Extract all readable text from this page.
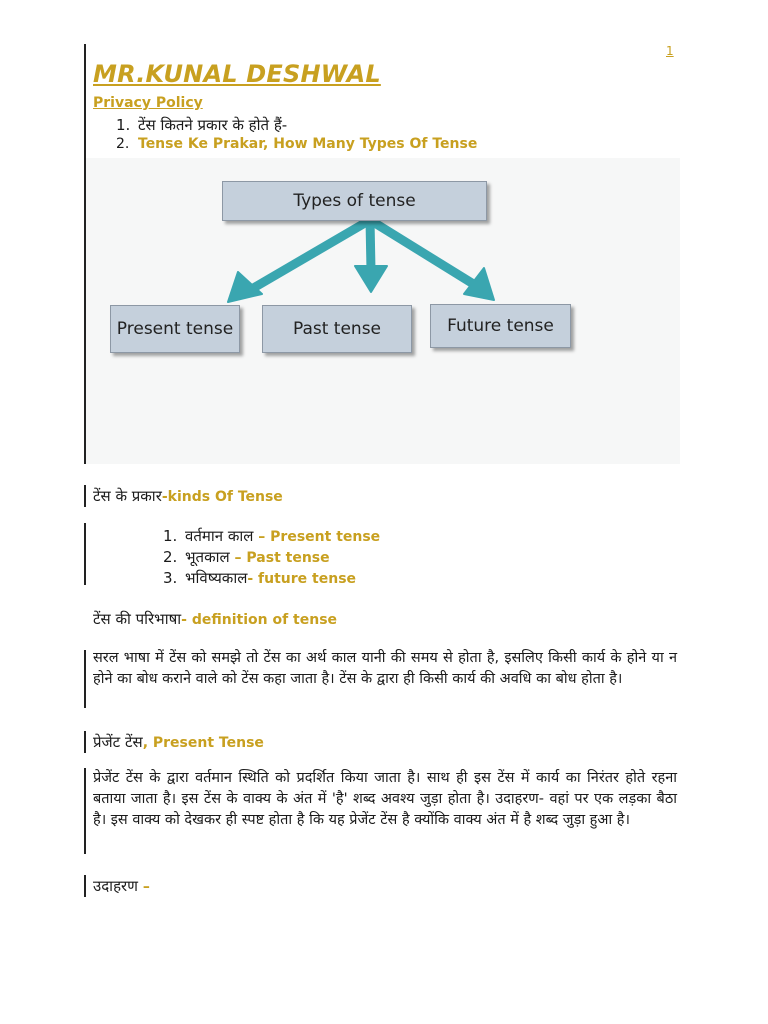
1
MR.KUNAL DESHWAL
Privacy Policy
1. टेंस कितने प्रकार के होते हैं-
2. Tense Ke Prakar, How Many Types Of Tense
Types of tense
Present tense	Past tense	Future tense
टेंस के प्रकार-kinds Of Tense
1. वर्तमान काल – Present tense
2. भूतकाल – Past tense
3. भविष्यकाल- future tense
टेंस की परिभाषा- definition of tense
सरल भाषा में टेंस को समझे तो टेंस का अर्थ काल यानी की समय से होता है, इसलिए किसी कार्य के होने या न होने का बोध कराने वाले को टेंस कहा जाता है। टेंस के द्वारा ही किसी कार्य की अवधि का बोध होता है।
प्रेजेंट टेंस, Present Tense
प्रेजेंट टेंस के द्वारा वर्तमान स्थिति को प्रदर्शित किया जाता है। साथ ही इस टेंस में कार्य का निरंतर होते रहना बताया जाता है। इस टेंस के वाक्य के अंत में 'है' शब्द अवश्य जुड़ा होता है। उदाहरण- वहां पर एक लड़का बैठा है। इस वाक्य को देखकर ही स्पष्ट होता है कि यह प्रेजेंट टेंस है क्योंकि वाक्य अंत में है शब्द जुड़ा हुआ है।
उदाहरण –
